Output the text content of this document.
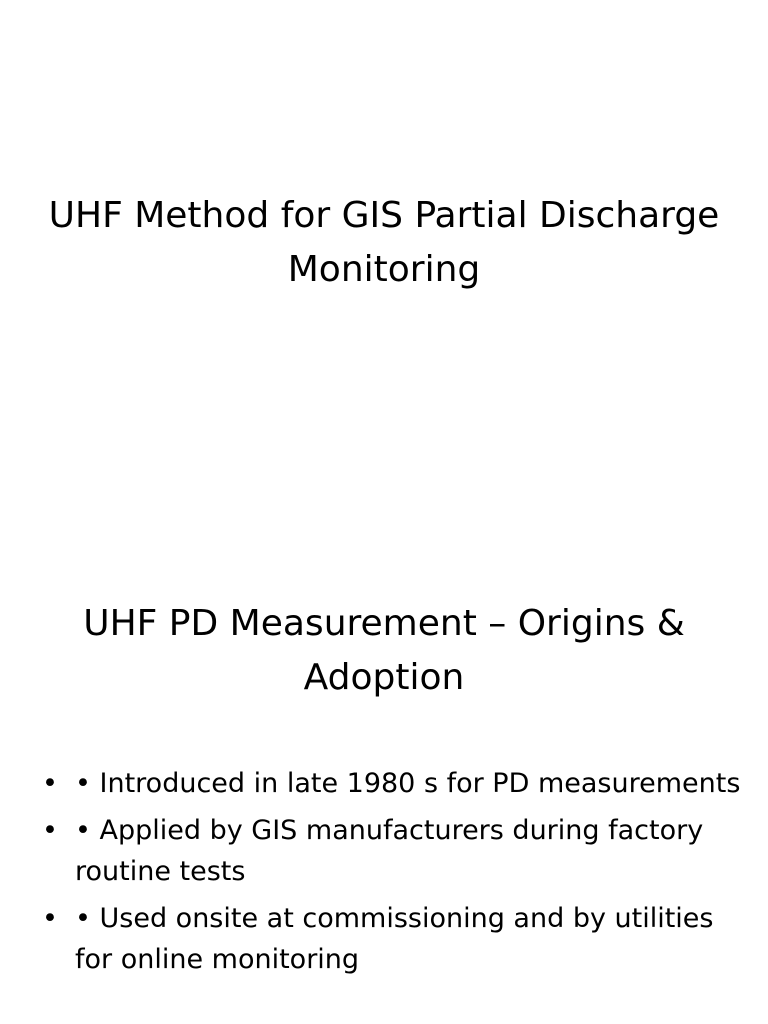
UHF Method for GIS Partial Discharge Monitoring
UHF PD Measurement – Origins & Adoption
• • Introduced in late 1980 s for PD measurements
• • Applied by GIS manufacturers during factory routine tests
• • Used onsite at commissioning and by utilities for online monitoring
